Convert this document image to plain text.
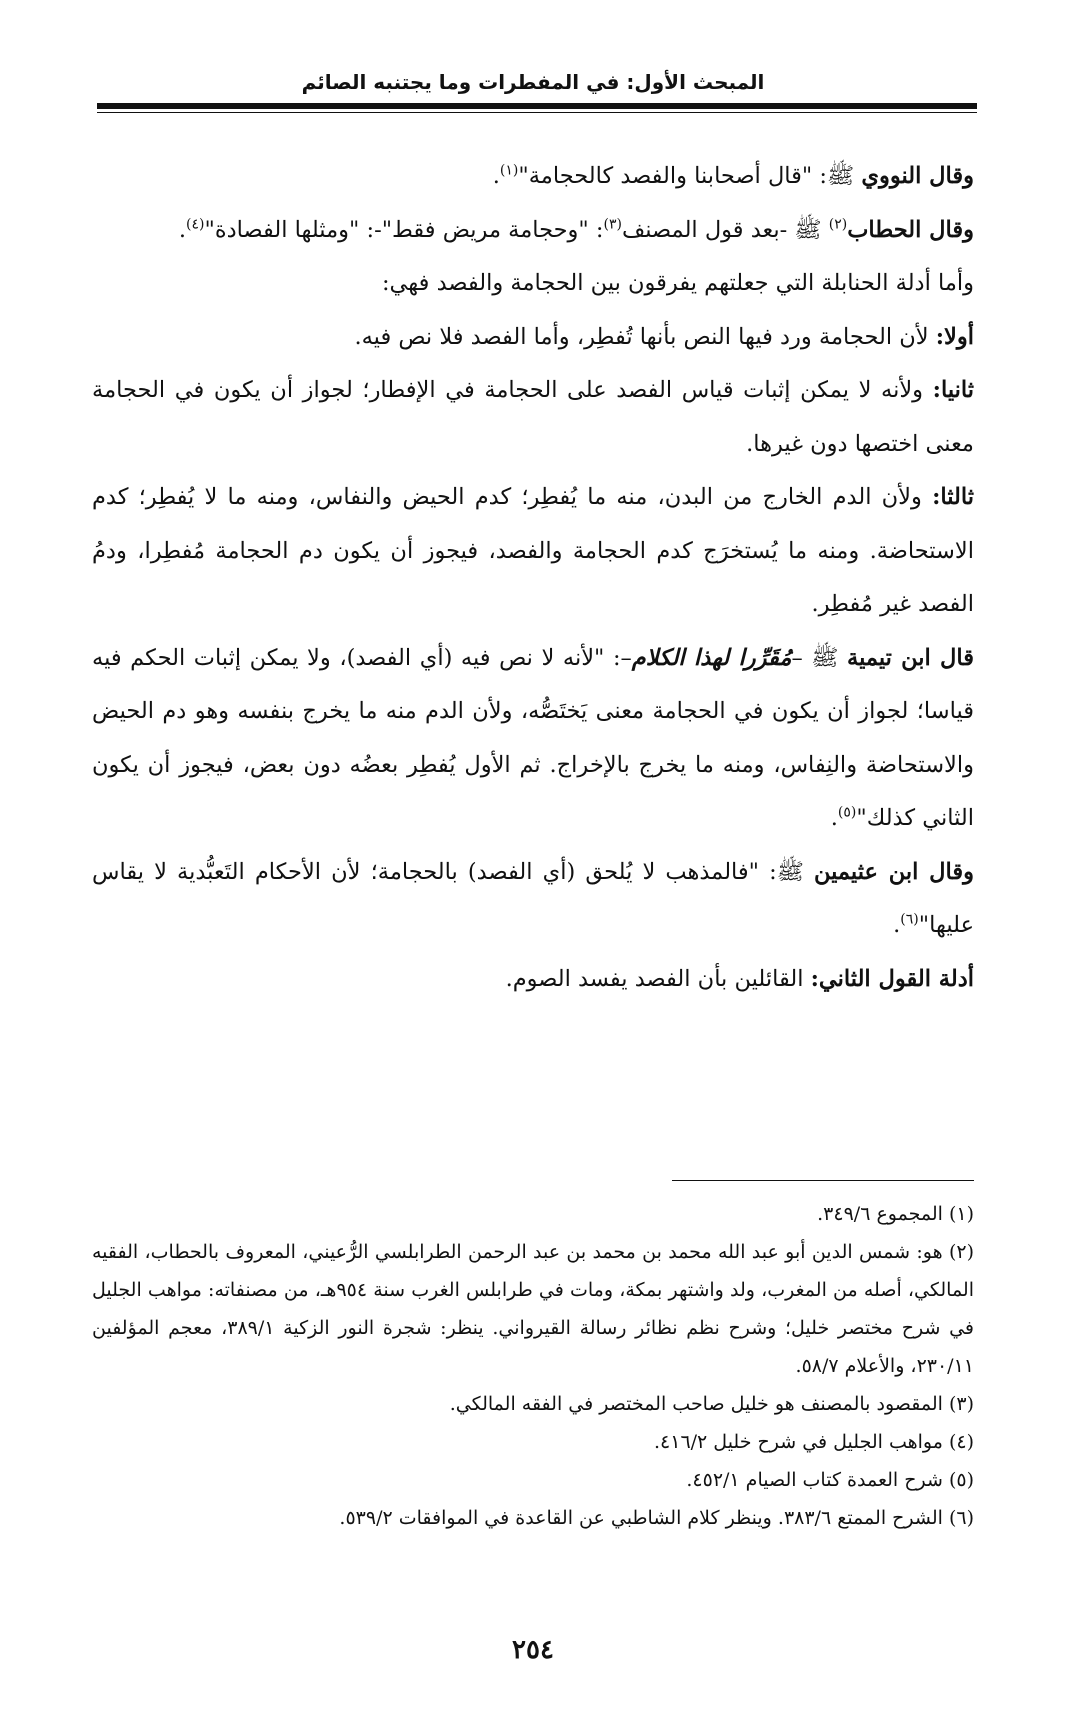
المبحث الأول: في المفطرات وما يجتنبه الصائم

وقال النووي ﷺ: "قال أصحابنا والفصد كالحجامة"$^{(١)}$.

وقال الحطاب$^{(٢)}$ ﷺ -بعد قول المصنف$^{(٣)}$: "وحجامة مريض فقط"-: "ومثلها الفصادة"$^{(٤)}$.

وأما أدلة الحنابلة التي جعلتهم يفرقون بين الحجامة والفصد فهي:

أولا: لأن الحجامة ورد فيها النص بأنها تُفطِر، وأما الفصد فلا نص فيه.

ثانيا: ولأنه لا يمكن إثبات قياس الفصد على الحجامة في الإفطار؛ لجواز أن يكون في الحجامة معنى اختصها دون غيرها.

ثالثا: ولأن الدم الخارج من البدن، منه ما يُفطِر؛ كدم الحيض والنفاس، ومنه ما لا يُفطِر؛ كدم الاستحاضة. ومنه ما يُستخرَج كدم الحجامة والفصد، فيجوز أن يكون دم الحجامة مُفطِرا، ودمُ الفصد غير مُفطِر.

قال ابن تيمية ﷺ –مُقَرِّرا لهذا الكلام–: "لأنه لا نص فيه (أي الفصد)، ولا يمكن إثبات الحكم فيه قياسا؛ لجواز أن يكون في الحجامة معنى يَختَصُّه، ولأن الدم منه ما يخرج بنفسه وهو دم الحيض والاستحاضة والنِفاس، ومنه ما يخرج بالإخراج. ثم الأول يُفطِر بعضُه دون بعض، فيجوز أن يكون الثاني كذلك"$^{(٥)}$.

وقال ابن عثيمين ﷺ: "فالمذهب لا يُلحق (أي الفصد) بالحجامة؛ لأن الأحكام التَعبُّدية لا يقاس عليها"$^{(٦)}$.

أدلة القول الثاني: القائلين بأن الفصد يفسد الصوم.

(١) المجموع ٣٤٩/٦.

(٢) هو: شمس الدين أبو عبد الله محمد بن محمد بن عبد الرحمن الطرابلسي الرُّعيني، المعروف بالحطاب، الفقيه المالكي، أصله من المغرب، ولد واشتهر بمكة، ومات في طرابلس الغرب سنة ٩٥٤هـ، من مصنفاته: مواهب الجليل في شرح مختصر خليل؛ وشرح نظم نظائر رسالة القيرواني. ينظر: شجرة النور الزكية ٣٨٩/١، معجم المؤلفين ٢٣٠/١١، والأعلام ٥٨/٧.

(٣) المقصود بالمصنف هو خليل صاحب المختصر في الفقه المالكي.

(٤) مواهب الجليل في شرح خليل ٤١٦/٢.

(٥) شرح العمدة كتاب الصيام ٤٥٢/١.

(٦) الشرح الممتع ٣٨٣/٦. وينظر كلام الشاطبي عن القاعدة في الموافقات ٥٣٩/٢.

٢٥٤
